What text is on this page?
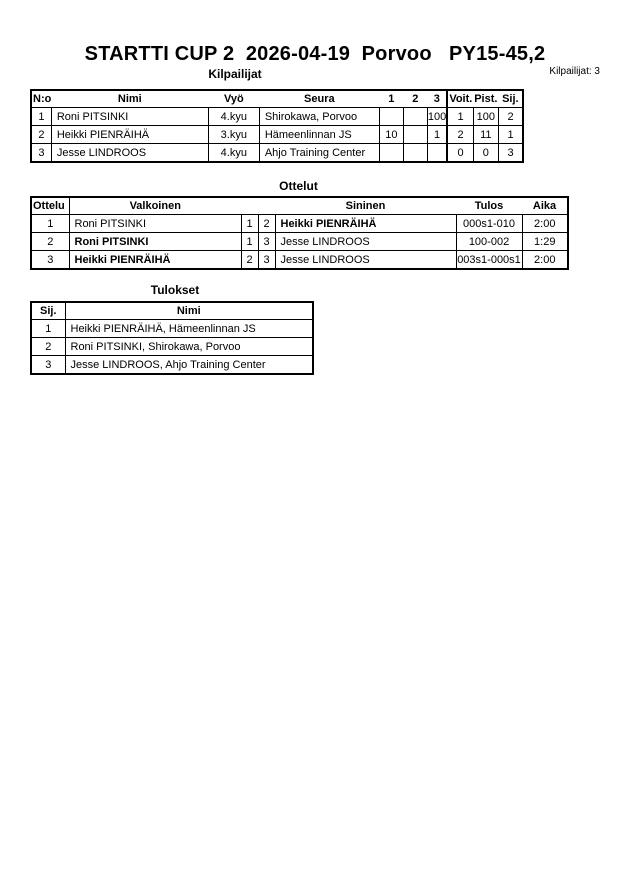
STARTTI CUP 2  2026-04-19  Porvoo   PY15-45,2
Kilpailijat	Kilpailijat: 3
N:o	Nimi	Vyö	Seura	1	2	3	Voit.	Pist.	Sij.
1	Roni PITSINKI	4.kyu	Shirokawa, Porvoo			100	1	100	2
2	Heikki PIENRÄIHÄ	3.kyu	Hämeenlinnan JS	10		1	2	11	1
3	Jesse LINDROOS	4.kyu	Ahjo Training Center				0	0	3
Ottelut
Ottelu	Valkoinen			Sininen	Tulos	Aika
1	Roni PITSINKI	1	2	Heikki PIENRÄIHÄ	000s1-010	2:00
2	Roni PITSINKI	1	3	Jesse LINDROOS	100-002	1:29
3	Heikki PIENRÄIHÄ	2	3	Jesse LINDROOS	003s1-000s1	2:00
Tulokset
Sij.	Nimi
1	Heikki PIENRÄIHÄ, Hämeenlinnan JS
2	Roni PITSINKI, Shirokawa, Porvoo
3	Jesse LINDROOS, Ahjo Training Center
